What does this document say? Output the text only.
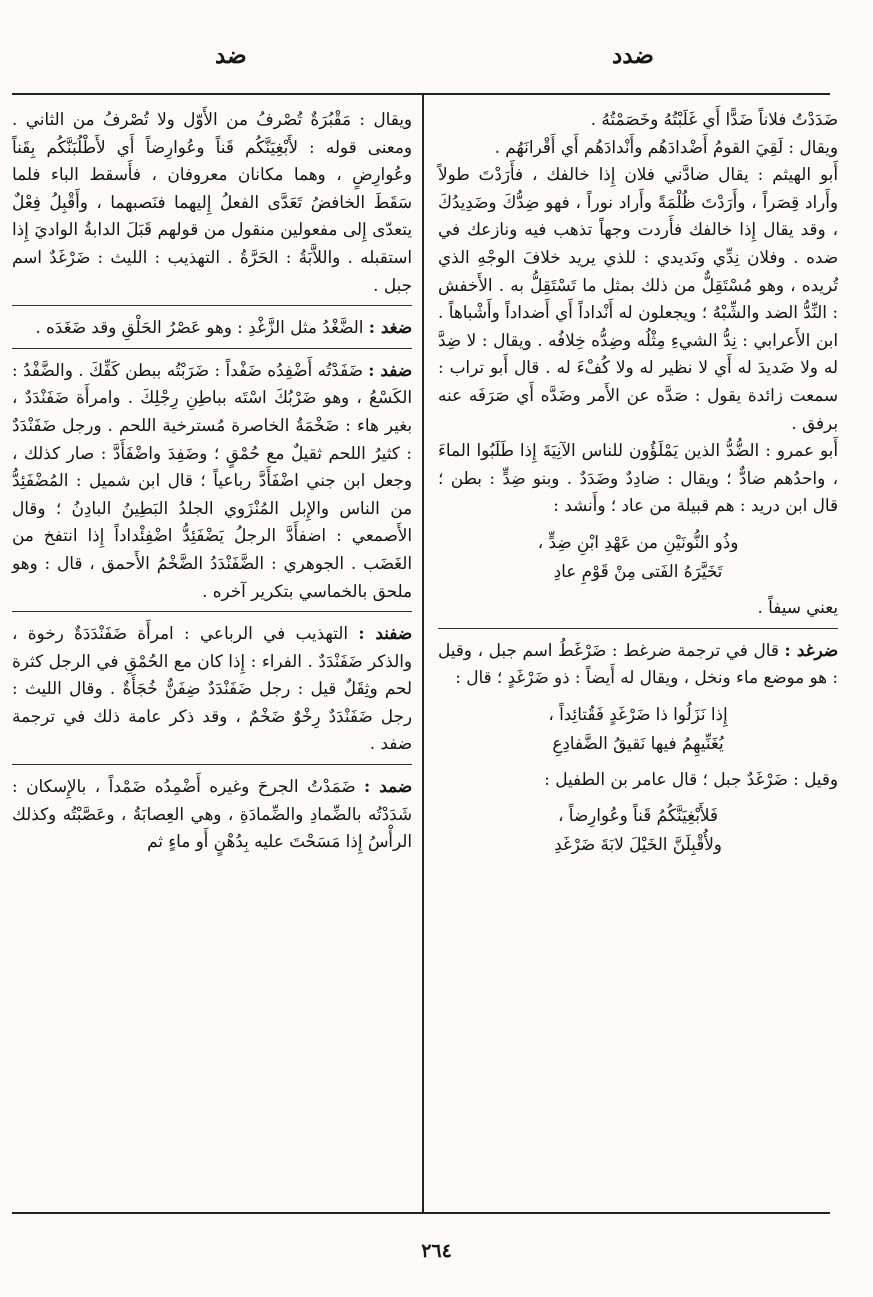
ضدد
ضد

ضَدَدْتُ فلاناً ضَدًّا أَي غَلَبْتُهُ وخَصَمْتُهُ .

ويقال : لَقِيَ القومُ أَضْدادَهُم وأَنْدادَهُم أَي أَقْرانَهُم .

أَبو الهيثم : يقال ضادَّني فلان إِذا خالفك ، فأَرَدْتَ طولاً وأَراد قِصَراً ، وأَرَدْتَ ظُلْمَةً وأَراد نوراً ، فهو ضِدُّكَ وضَدِيدُكَ ، وقد يقال إِذا خالفك فأَردت وجهاً تذهب فيه ونازعك في ضده . وفلان نِدِّي ونَديدي : للذي يريد خلافَ الوجْهِ الذي تُريده ، وهو مُسْتَقِلٌّ من ذلك بمثل ما تَسْتَقِلُّ به . الأَخفش : النِّدُّ الضد والشِّبْهُ ؛ ويجعلون له أَنْداداً أَي أَضداداً وأَشْباهاً . ابن الأَعرابي : نِدُّ الشيءِ مِثْلُه وضِدُّه خِلافُه . ويقال : لا ضِدَّ له ولا ضَديدَ له أَي لا نظير له ولا كُفْءَ له . قال أَبو تراب : سمعت زائدة يقول : صَدَّه عن الأَمر وضَدَّه أَي صَرَفَه عنه برفق .

أَبو عمرو : الضُّدُّ الذين يَمْلَؤُون للناس الآنِيَةَ إِذا طَلَبُوا الماءَ ، واحدُهم ضادٌّ ؛ ويقال : ضادِدٌ وضَدَدٌ . وبنو ضِدٍّ : بطن ؛ قال ابن دريد : هم قبيلة من عاد ؛ وأَنشد :

وذُو النُّونَيْنِ من عَهْدِ ابْنِ ضِدٍّ ،
تَخَيَّرَهُ الفَتى مِنْ قَوْمِ عادِ

يعني سيفاً .

ضرغد : قال في ترجمة ضرغط : ضَرْغَطُ اسم جبل ، وقيل : هو موضع ماء ونخل ، ويقال له أَيضاً : ذو ضَرْغَدٍ ؛ قال :

إِذا نَزَلُوا ذا ضَرْغَدٍ فَقُتائِداً ،
يُغَنِّيهِمُ فيها نَقيقُ الضَّفادِعِ

وقيل : ضَرْغَدٌ جبل ؛ قال عامر بن الطفيل :

فَلأَبْغِيَنَّكُمُ قَناً وعُوارِضاً ،
ولأُقْبِلَنَّ الخَيْلَ لابَةَ ضَرْغَدِ

ويقال : مَقْبُرَةٌ تُصْرفُ من الأَوّل ولا تُصْرفُ من الثاني . ومعنى قوله : لأَبْغِيَنَّكُم قَناً وعُوارِضاً أَي لأَطْلُبَنَّكُم بِقَناً وعُوارِضٍ ، وهما مكانان معروفان ، فأَسقط الباء فلما سَقَطَ الخافضُ تَعَدَّى الفعلُ إِليهما فنَصبهما ، وأَقْبِلُ فِعْلٌ يتعدّى إِلى مفعولين منقول من قولهم قَبَلَ الدابةُ الواديَ إِذا استقبله . واللاَّبَةُ : الحَرَّةُ . التهذيب : الليث : ضَرْغَدٌ اسم جبل .

ضغد : الضَّغْدُ مثل الزَّغْدِ : وهو عَصْرُ الحَلْقِ وقد ضَغَدَه .

ضفد : ضَفَدْتُه أَضْفِدُه ضَفْداً : ضَرَبْتُه ببطن كَفِّكَ . والضَّفْدُ : الكَسْعُ ، وهو ضَرْبُكَ اسْتَه بباطِنِ رِجْلِكَ . وامرأَة ضَفَنْدَدٌ ، بغير هاء : ضَخْمَةُ الخاصرة مُسترخية اللحم . ورجل ضَفَنْدَدٌ : كثيرُ اللحم ثقيلٌ مع حُمْقٍ ؛ وضَفِدَ واضْفَأَدَّ : صار كذلك ، وجعل ابن جني اضْفَأَدَّ رباعياً ؛ قال ابن شميل : المُضْفَئِدُّ من الناس والإِبل المُنْزَوي الجلدُ البَطِينُ البادِنُ ؛ وقال الأَصمعي : اضفأَدَّ الرجلُ يَضْفَئِدُّ اضْفِئْداداً إِذا انتفخ من الغَضَب . الجوهري : الضَّفَنْدَدُ الضَّخْمُ الأَحمق ، قال : وهو ملحق بالخماسي بتكرير آخره .

ضفند : التهذيب في الرباعي : امرأَة ضَفَنْدَدَةٌ رخوة ، والذكر ضَفَنْدَدٌ . الفراء : إِذا كان مع الحُمْقِ في الرجل كثرة لحم وثِقَلٌ قيل : رجل ضَفَنْدَدٌ ضِفَنٌّ خُجَأَةٌ . وقال الليث : رجل ضَفَنْدَدٌ رِخْوٌ ضَخْمٌ ، وقد ذكر عامة ذلك في ترجمة ضفد .

ضمد : ضَمَدْتُ الجرحَ وغيره أَضْمِدُه ضَمْداً ، بالإِسكان : شَدَدْتُه بالضِّمادِ والضِّمادَةِ ، وهي العِصابَةُ ، وعَصَّبْتُه وكذلك الرأْسُ إِذا مَسَحْتَ عليه بِدُهْنٍ أَو ماءٍ ثم

٢٦٤
